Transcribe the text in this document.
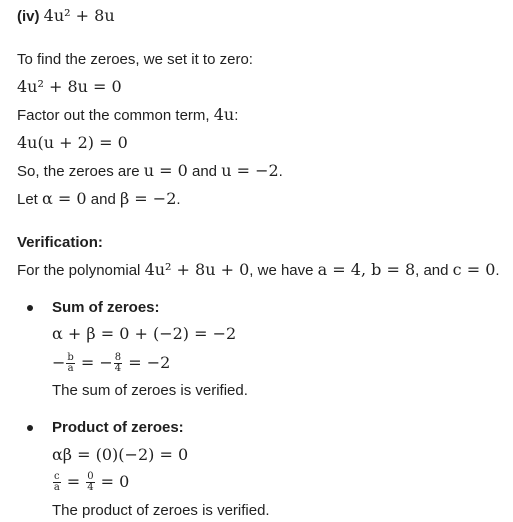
(iv) 4u² + 8u
To find the zeroes, we set it to zero:
4u² + 8u = 0
Factor out the common term, 4u:
4u(u + 2) = 0
So, the zeroes are u = 0 and u = −2.
Let α = 0 and β = −2.
Verification:
For the polynomial 4u² + 8u + 0, we have a = 4, b = 8, and c = 0.
Sum of zeroes:
α + β = 0 + (−2) = −2
− $\frac{b}{a}$ = − $\frac{8}{4} = -2$
The sum of zeroes is verified.
Product of zeroes:
αβ = (0)(−2) = 0
$\frac{c}{a} = \frac{0}{4} = 0$
The product of zeroes is verified.
